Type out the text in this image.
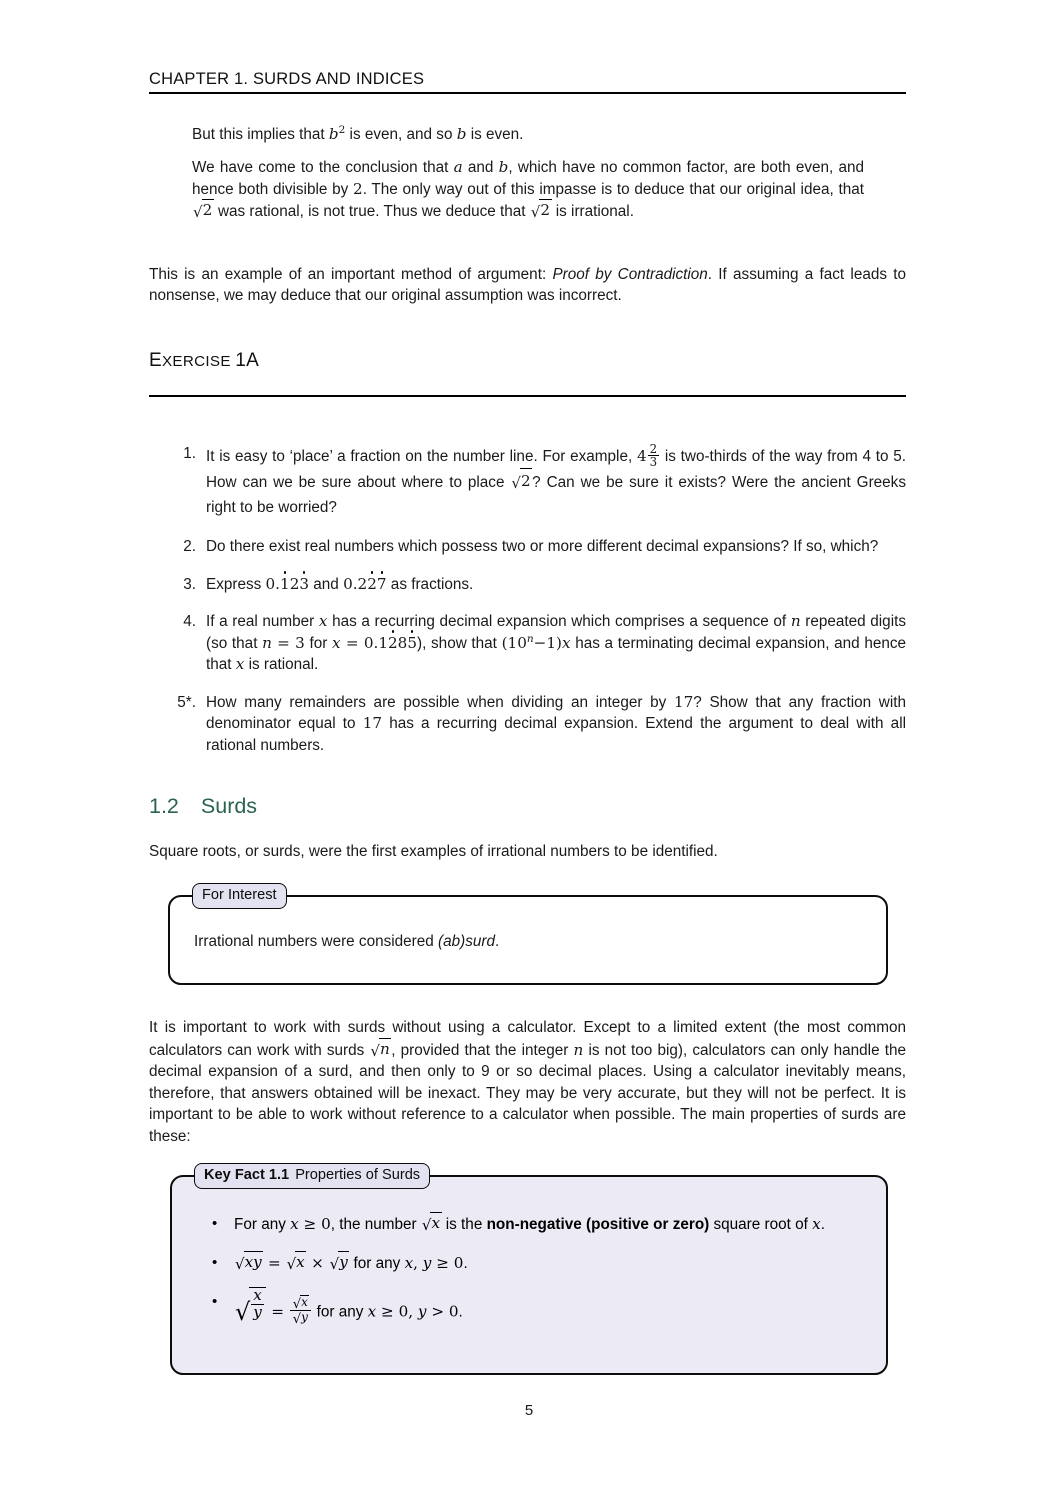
CHAPTER 1. SURDS AND INDICES
But this implies that $b^2$ is even, and so b is even.
We have come to the conclusion that a and b, which have no common factor, are both even, and hence both divisible by 2. The only way out of this impasse is to deduce that our original idea, that √2 was rational, is not true. Thus we deduce that √2 is irrational.
This is an example of an important method of argument: Proof by Contradiction. If assuming a fact leads to nonsense, we may deduce that our original assumption was incorrect.
EXERCISE 1A
1. It is easy to ‘place’ a fraction on the number line. For example, $4 \frac{2}{3}$ is two-thirds of the way from 4 to 5. How can we be sure about where to place √2? Can we be sure it exists? Were the ancient Greeks right to be worried?
2. Do there exist real numbers which possess two or more different decimal expansions? If so, which?
3. Express 0.123 and 0.227 as fractions.
4. If a real number x has a recurring decimal expansion which comprises a sequence of n repeated digits (so that n = 3 for x = 0.1285), show that $(10^n-1)x$ has a terminating decimal expansion, and hence that x is rational.
5*. How many remainders are possible when dividing an integer by 17? Show that any fraction with denominator equal to 17 has a recurring decimal expansion. Extend the argument to deal with all rational numbers.
1.2 Surds
Square roots, or surds, were the first examples of irrational numbers to be identified.
For Interest
Irrational numbers were considered (ab)surd.
It is important to work with surds without using a calculator. Except to a limited extent (the most common calculators can work with surds √n, provided that the integer n is not too big), calculators can only handle the decimal expansion of a surd, and then only to 9 or so decimal places. Using a calculator inevitably means, therefore, that answers obtained will be inexact. They may be very accurate, but they will not be perfect. It is important to be able to work without reference to a calculator when possible. The main properties of surds are these:
Key Fact 1.1 Properties of Surds
•	For any x ≥ 0, the number √x is the non-negative (positive or zero) square root of x.
•	√xy = √x × √y for any x, y ≥ 0.
• √ $\frac{x}{y} = \frac{√x}{√y}$ for any x ≥ 0, y > 0.
5
